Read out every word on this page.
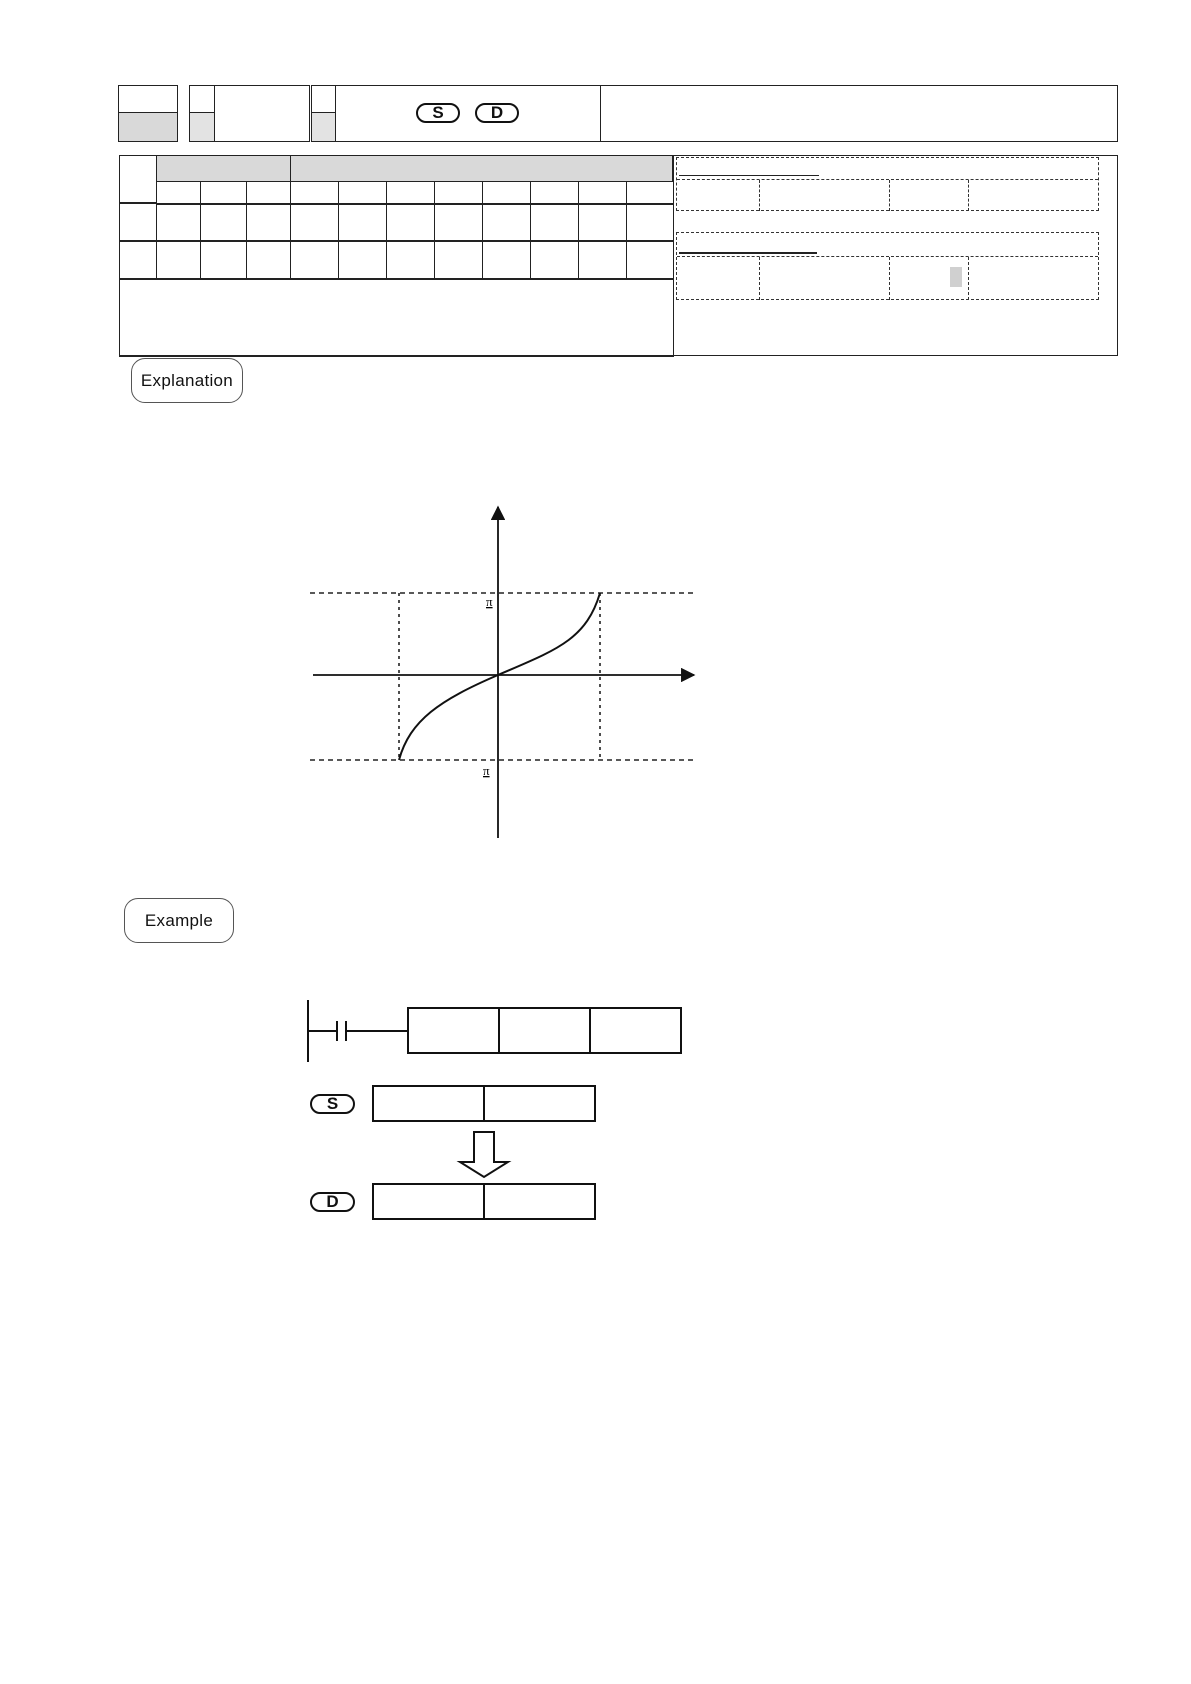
S	D
Explanation
π
π
Example
S
D
